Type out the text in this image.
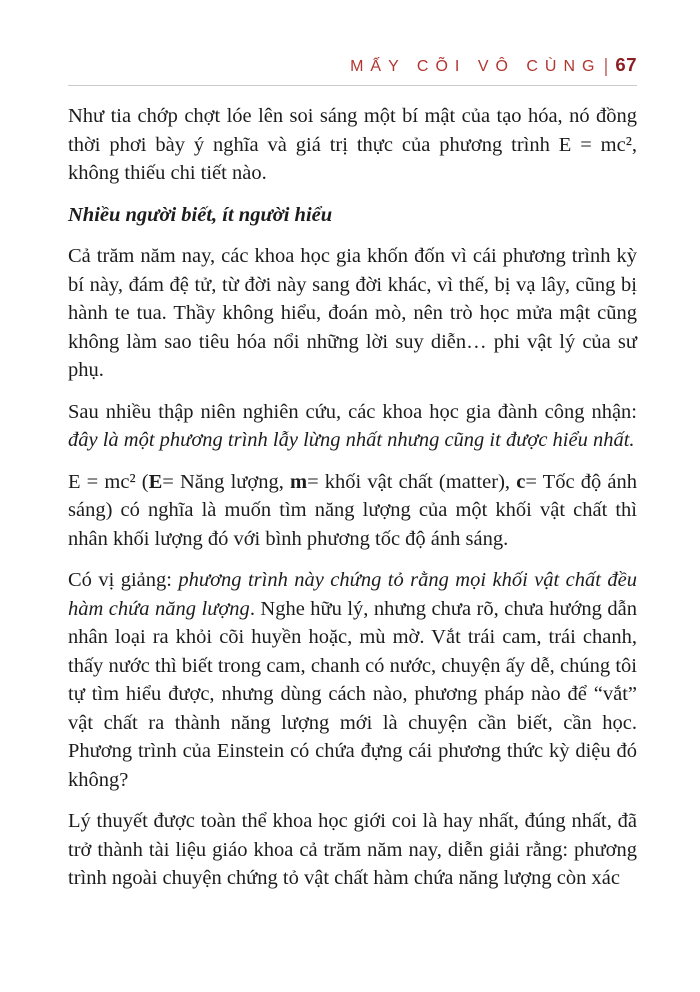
MẤY CÕI VÔ CÙNG | 67

Như tia chớp chợt lóe lên soi sáng một bí mật của tạo hóa, nó đồng thời phơi bày ý nghĩa và giá trị thực của phương trình E = mc², không thiếu chi tiết nào.

Nhiều người biết, ít người hiểu

Cả trăm năm nay, các khoa học gia khốn đốn vì cái phương trình kỳ bí này, đám đệ tử, từ đời này sang đời khác, vì thế, bị vạ lây, cũng bị hành te tua. Thầy không hiểu, đoán mò, nên trò học mửa mật cũng không làm sao tiêu hóa nổi những lời suy diễn… phi vật lý của sư phụ.

Sau nhiều thập niên nghiên cứu, các khoa học gia đành công nhận: đây là một phương trình lẫy lừng nhất nhưng cũng it được hiểu nhất.

E = mc² (E= Năng lượng, m= khối vật chất (matter), c= Tốc độ ánh sáng) có nghĩa là muốn tìm năng lượng của một khối vật chất thì nhân khối lượng đó với bình phương tốc độ ánh sáng.

Có vị giảng: phương trình này chứng tỏ rằng mọi khối vật chất đều hàm chứa năng lượng. Nghe hữu lý, nhưng chưa rõ, chưa hướng dẫn nhân loại ra khỏi cõi huyền hoặc, mù mờ. Vắt trái cam, trái chanh, thấy nước thì biết trong cam, chanh có nước, chuyện ấy dễ, chúng tôi tự tìm hiểu được, nhưng dùng cách nào, phương pháp nào để “vắt” vật chất ra thành năng lượng mới là chuyện cần biết, cần học. Phương trình của Einstein có chứa đựng cái phương thức kỳ diệu đó không?

Lý thuyết được toàn thể khoa học giới coi là hay nhất, đúng nhất, đã trở thành tài liệu giáo khoa cả trăm năm nay, diễn giải rằng: phương trình ngoài chuyện chứng tỏ vật chất hàm chứa năng lượng còn xác
